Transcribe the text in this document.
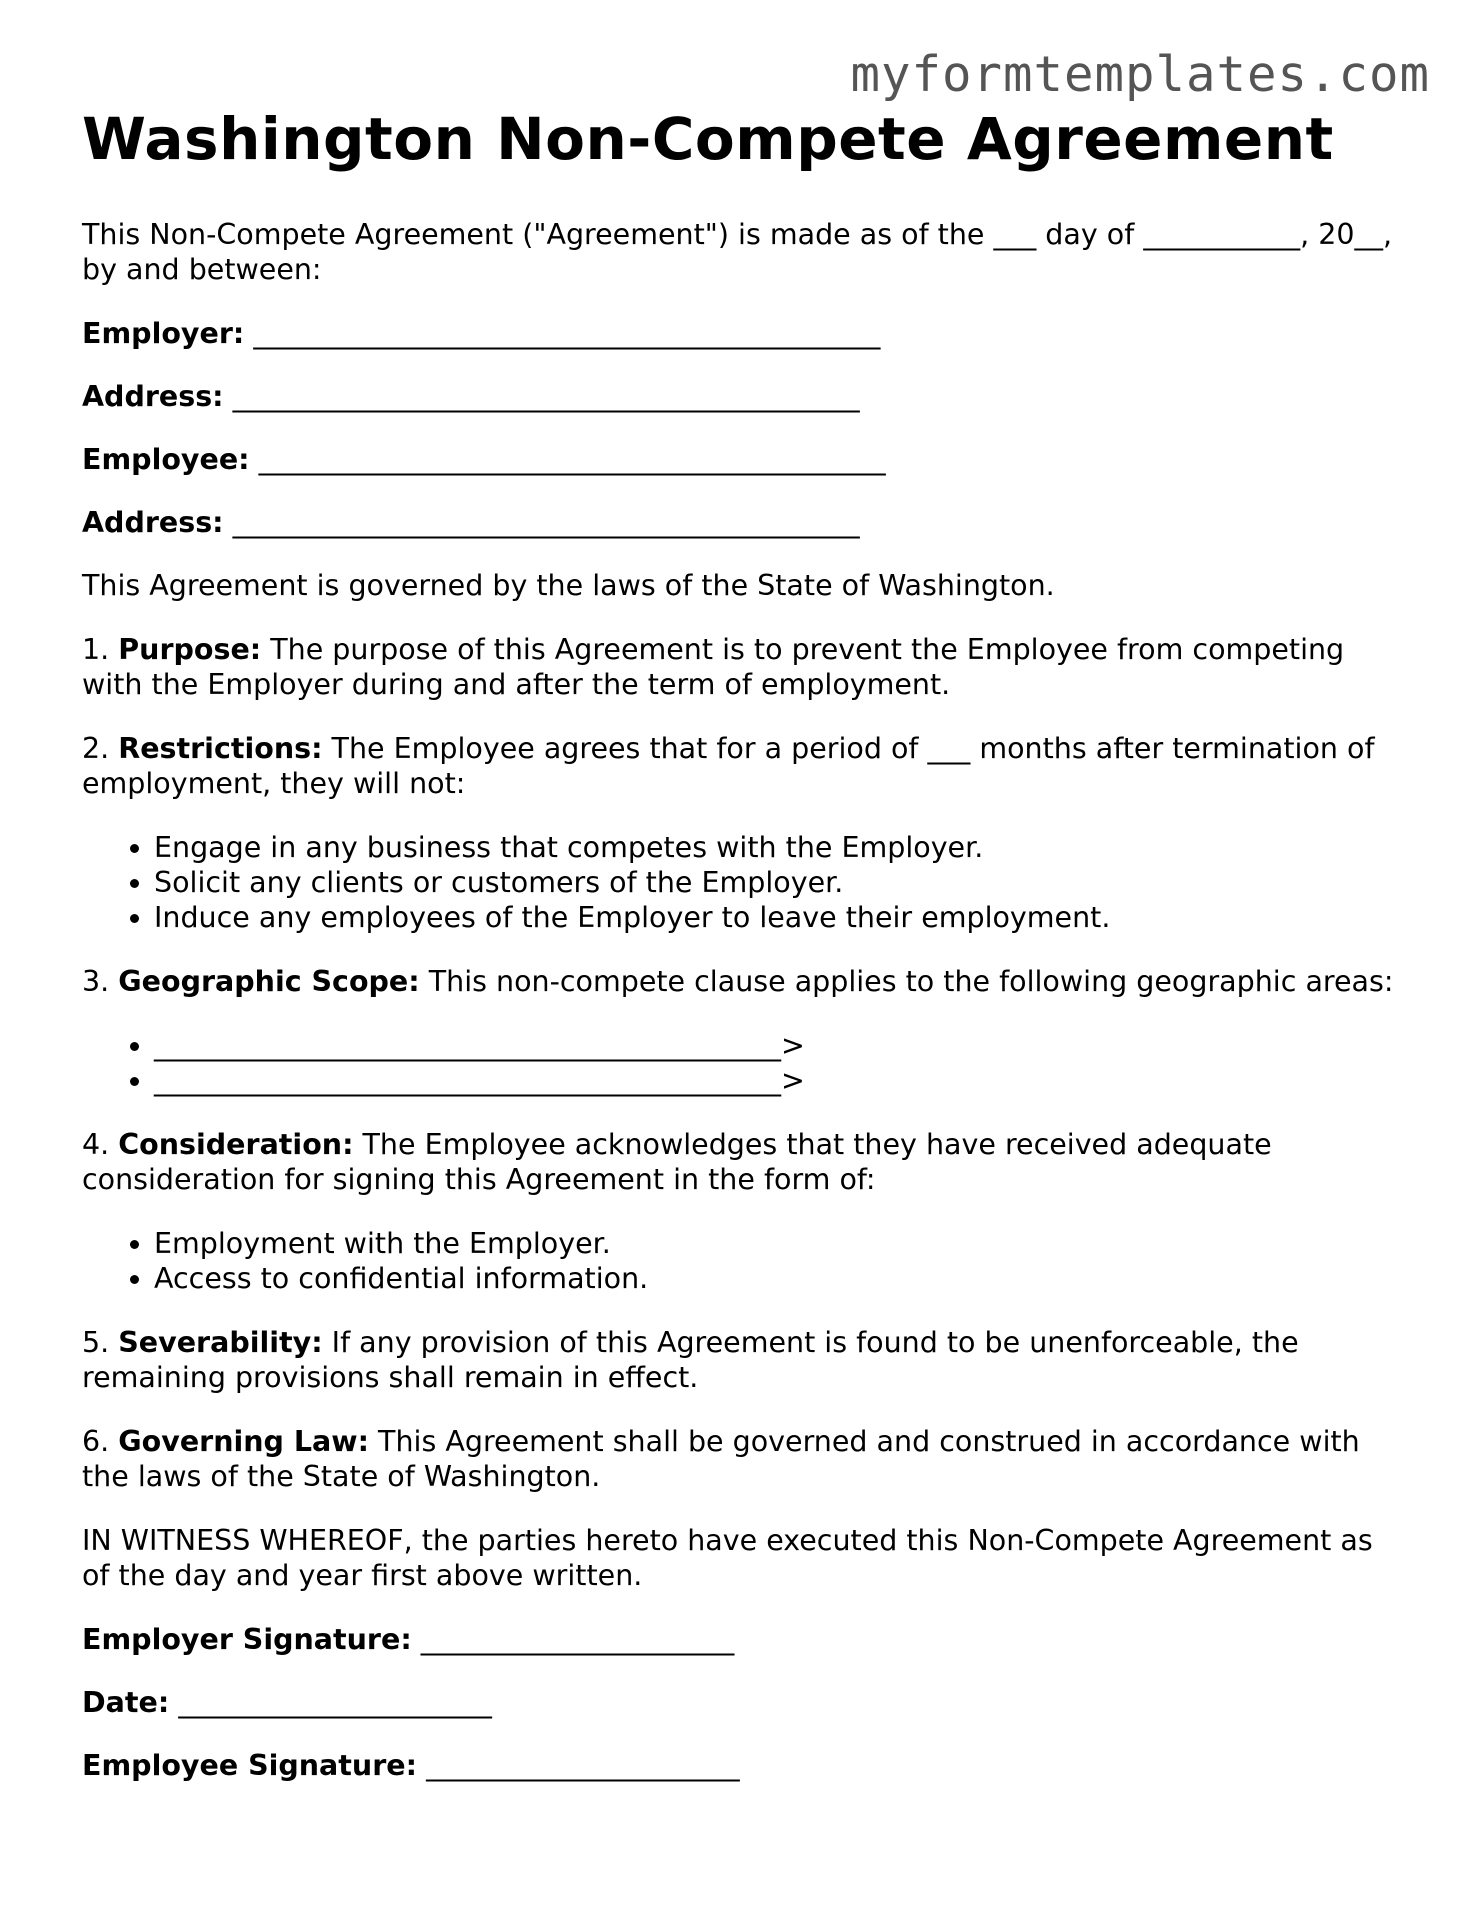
myformtemplates.com
Washington Non-Compete Agreement

This Non-Compete Agreement ("Agreement") is made as of the ___ day of ___________, 20__, by and between:

Employer: ____________________________________________

Address: ____________________________________________

Employee: ____________________________________________

Address: ____________________________________________

This Agreement is governed by the laws of the State of Washington.

1. Purpose: The purpose of this Agreement is to prevent the Employee from competing with the Employer during and after the term of employment.

2. Restrictions: The Employee agrees that for a period of ___ months after termination of employment, they will not:

• Engage in any business that competes with the Employer.
• Solicit any clients or customers of the Employer.
• Induce any employees of the Employer to leave their employment.

3. Geographic Scope: This non-compete clause applies to the following geographic areas:

• ____________________________________________>
• ____________________________________________>

4. Consideration: The Employee acknowledges that they have received adequate consideration for signing this Agreement in the form of:

• Employment with the Employer.
• Access to confidential information.

5. Severability: If any provision of this Agreement is found to be unenforceable, the remaining provisions shall remain in effect.

6. Governing Law: This Agreement shall be governed and construed in accordance with the laws of the State of Washington.

IN WITNESS WHEREOF, the parties hereto have executed this Non-Compete Agreement as of the day and year first above written.

Employer Signature: ______________________

Date: ______________________

Employee Signature: ______________________
